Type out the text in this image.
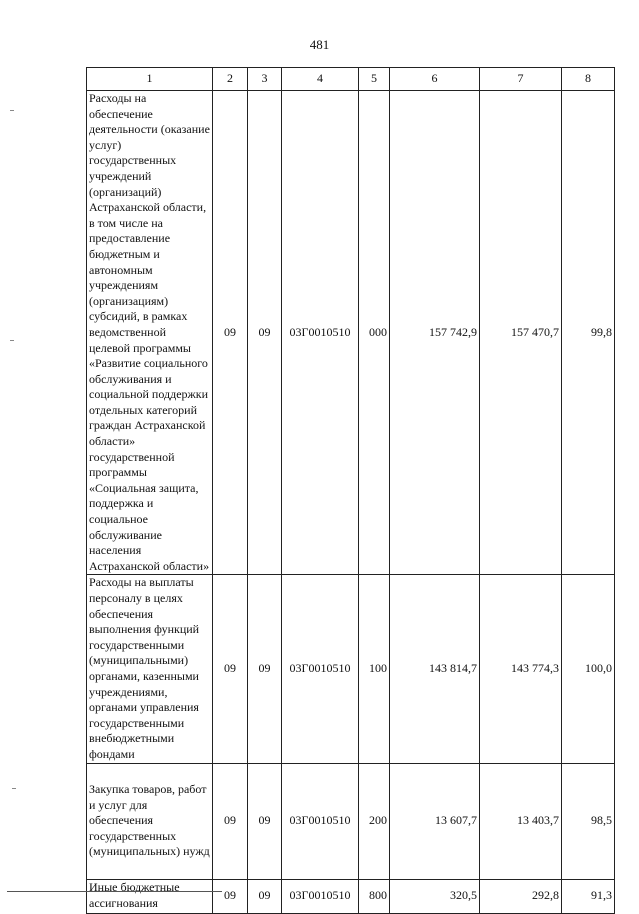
481
1	2	3	4	5	6	7	8
Расходы на обеспечение деятельности (оказание услуг) государственных учреждений (организаций) Астраханской области, в том числе на предоставление бюджетным и автономным учреждениям (организациям) субсидий, в рамках ведомственной целевой программы «Развитие социального обслуживания и социальной поддержки отдельных категорий граждан Астраханской области» государственной программы «Социальная защита, поддержка и социальное обслуживание населения Астраханской области»	09	09	03Г0010510	000	157 742,9	157 470,7	99,8
Расходы на выплаты персоналу в целях обеспечения выполнения функций государственными (муниципальными) органами, казенными учреждениями, органами управления государственными внебюджетными фондами	09	09	03Г0010510	100	143 814,7	143 774,3	100,0
Закупка товаров, работ и услуг для обеспечения государственных (муниципальных) нужд	09	09	03Г0010510	200	13 607,7	13 403,7	98,5
Иные бюджетные ассигнования	09	09	03Г0010510	800	320,5	292,8	91,3
